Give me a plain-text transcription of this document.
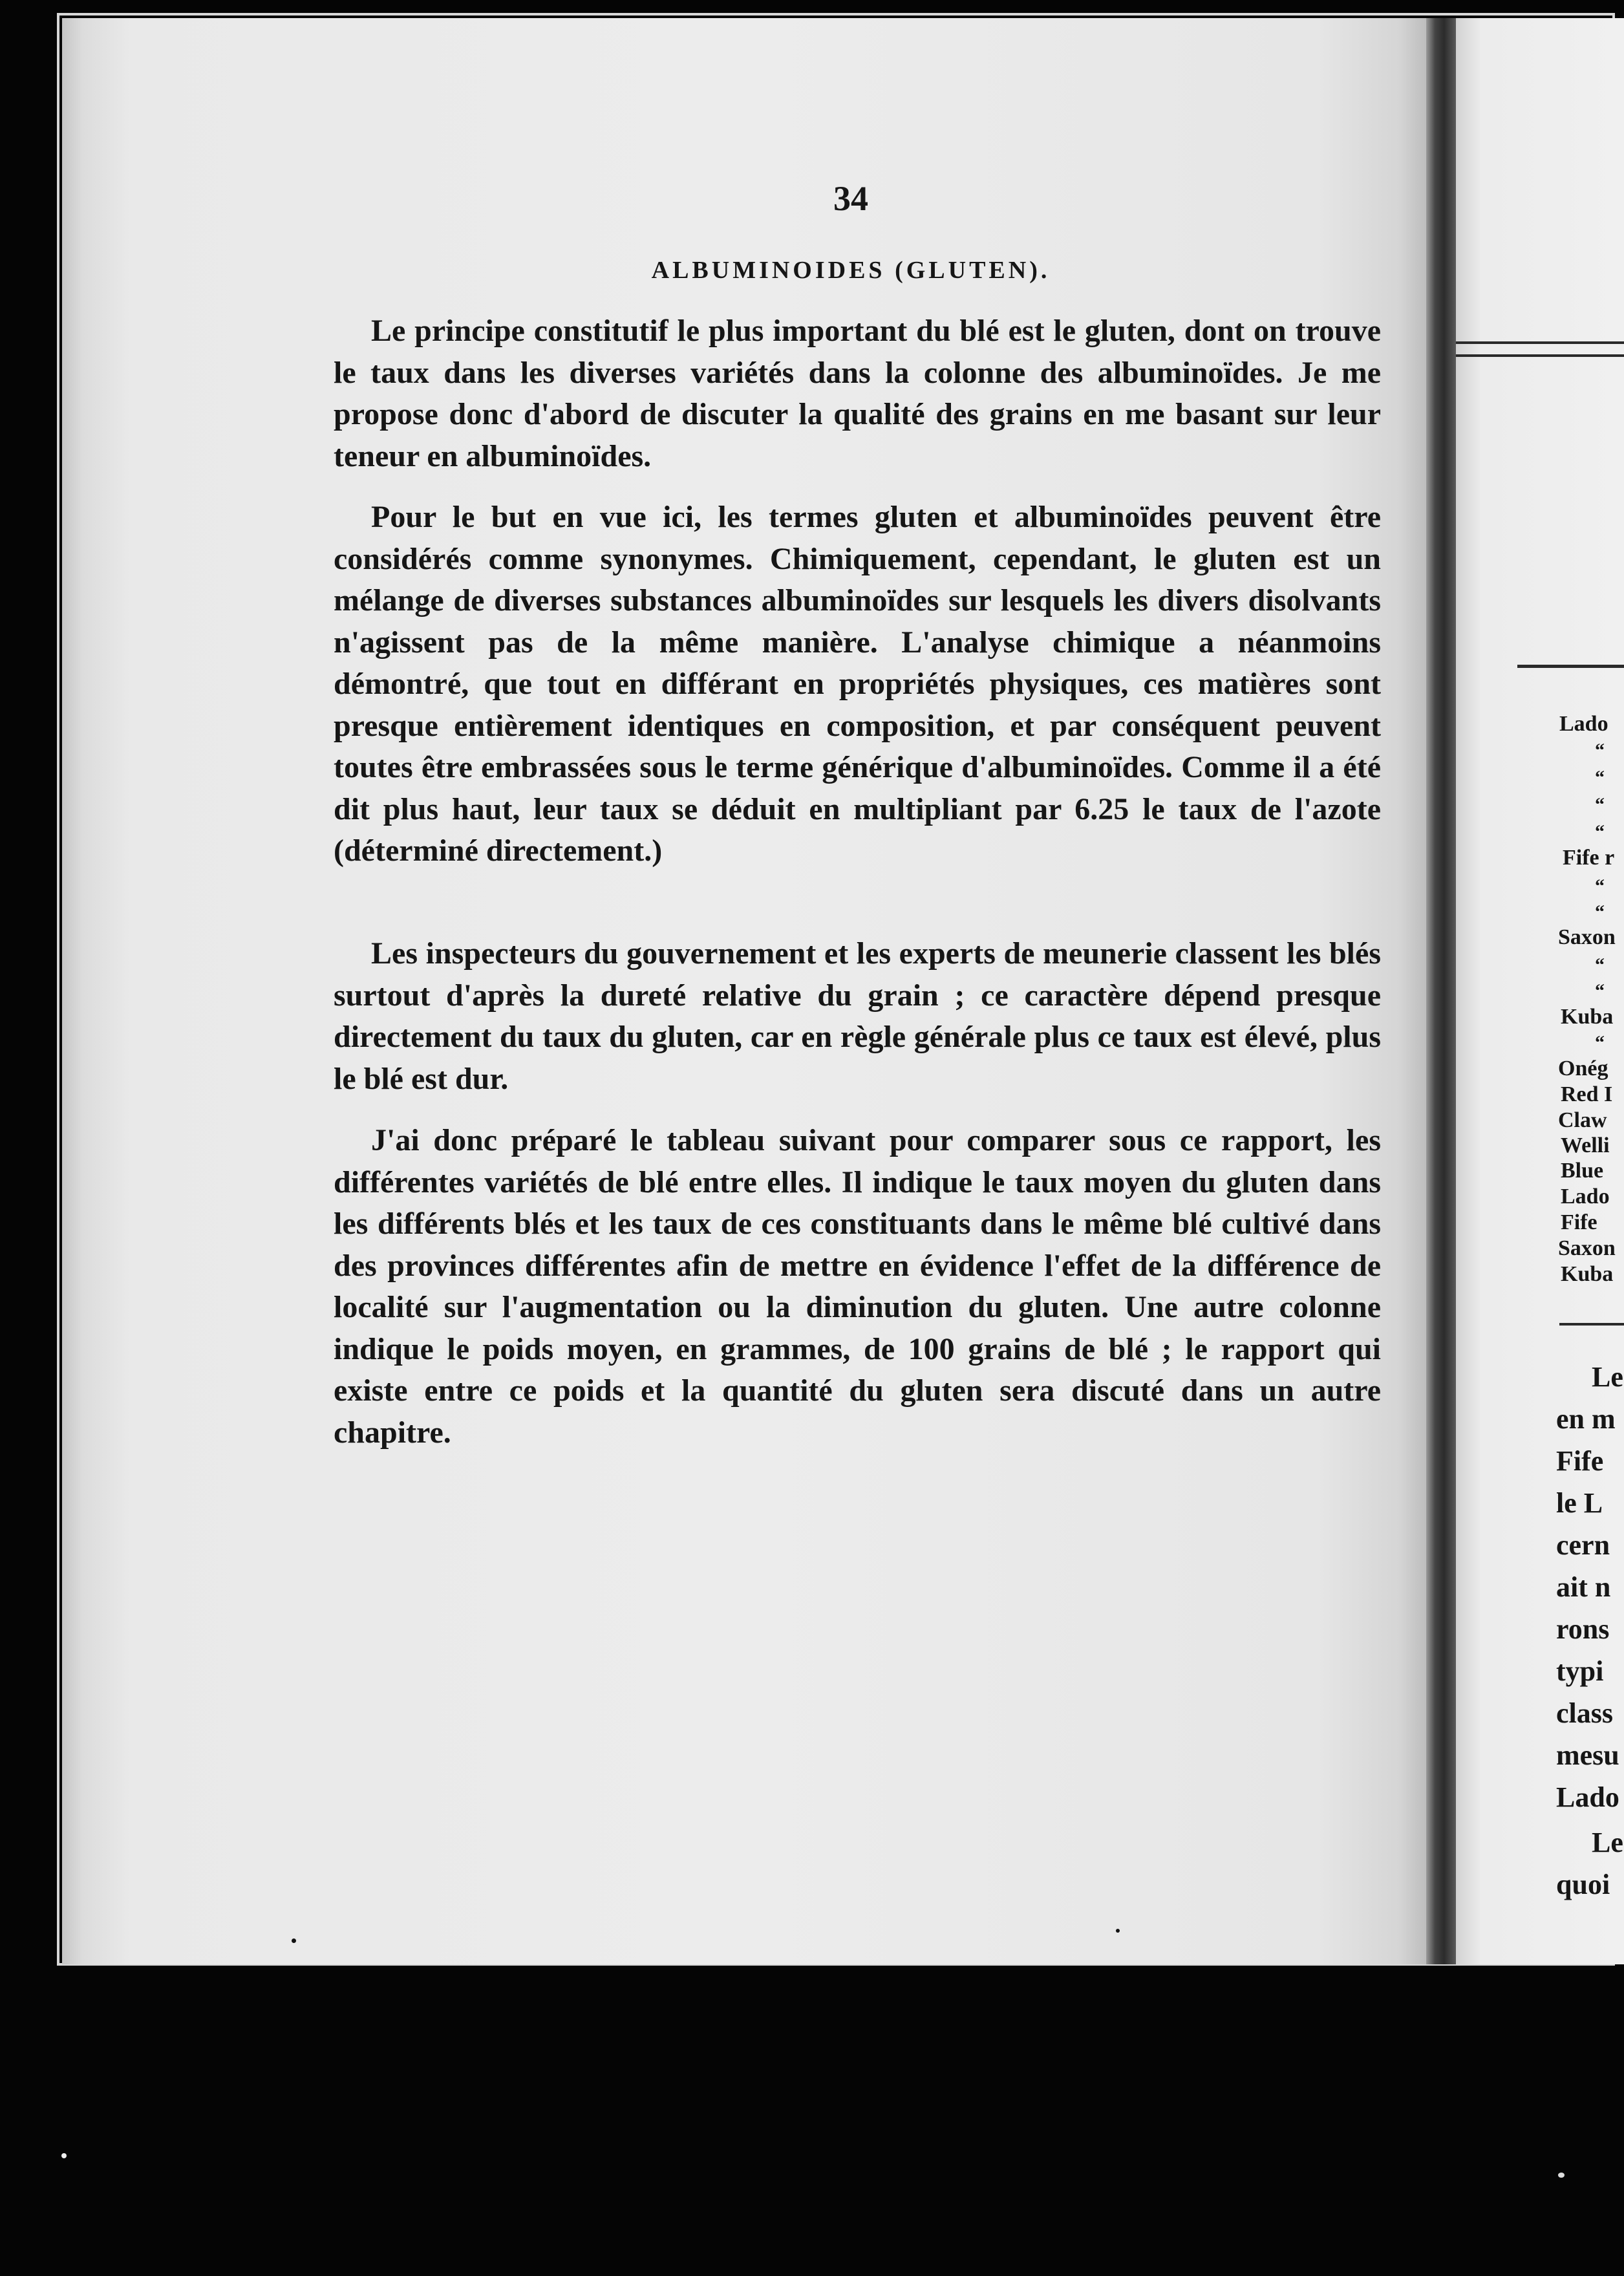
34
ALBUMINOIDES (GLUTEN).
Le principe constitutif le plus important du blé est le gluten, dont on trouve le taux dans les diverses variétés dans la colonne des albuminoïdes. Je me propose donc d'abord de discuter la qualité des grains en me basant sur leur teneur en albuminoïdes.
Pour le but en vue ici, les termes gluten et albuminoïdes peuvent être considérés comme synonymes. Chimiquement, cependant, le gluten est un mélange de diverses substances albuminoïdes sur lesquels les divers disolvants n'agissent pas de la même manière. L'analyse chimique a néanmoins démontré, que tout en différant en propriétés physiques, ces matières sont presque entièrement identiques en composition, et par conséquent peuvent toutes être embrassées sous le terme générique d'albuminoïdes. Comme il a été dit plus haut, leur taux se déduit en multipliant par 6.25 le taux de l'azote (déterminé directement.)
Les inspecteurs du gouvernement et les experts de meunerie classent les blés surtout d'après la dureté relative du grain ; ce caractère dépend presque directement du taux du gluten, car en règle générale plus ce taux est élevé, plus le blé est dur.
J'ai donc préparé le tableau suivant pour comparer sous ce rapport, les différentes variétés de blé entre elles. Il indique le taux moyen du gluten dans les différents blés et les taux de ces constituants dans le même blé cultivé dans des provinces différentes afin de mettre en évidence l'effet de la différence de localité sur l'augmentation ou la diminution du gluten. Une autre colonne indique le poids moyen, en grammes, de 100 grains de blé ; le rapport qui existe entre ce poids et la quantité du gluten sera discuté dans un autre chapitre.
Lado
“
“
“
“
Fife r
“
“
Saxon
“
“
Kuba
“
Onég
Red I
Claw
Welli
Blue
Lado
Fife
Saxon
Kuba
Le
en m
Fife
le L
cern
ait n
rons
typi
class
mesu
Lado
Le
quoi
